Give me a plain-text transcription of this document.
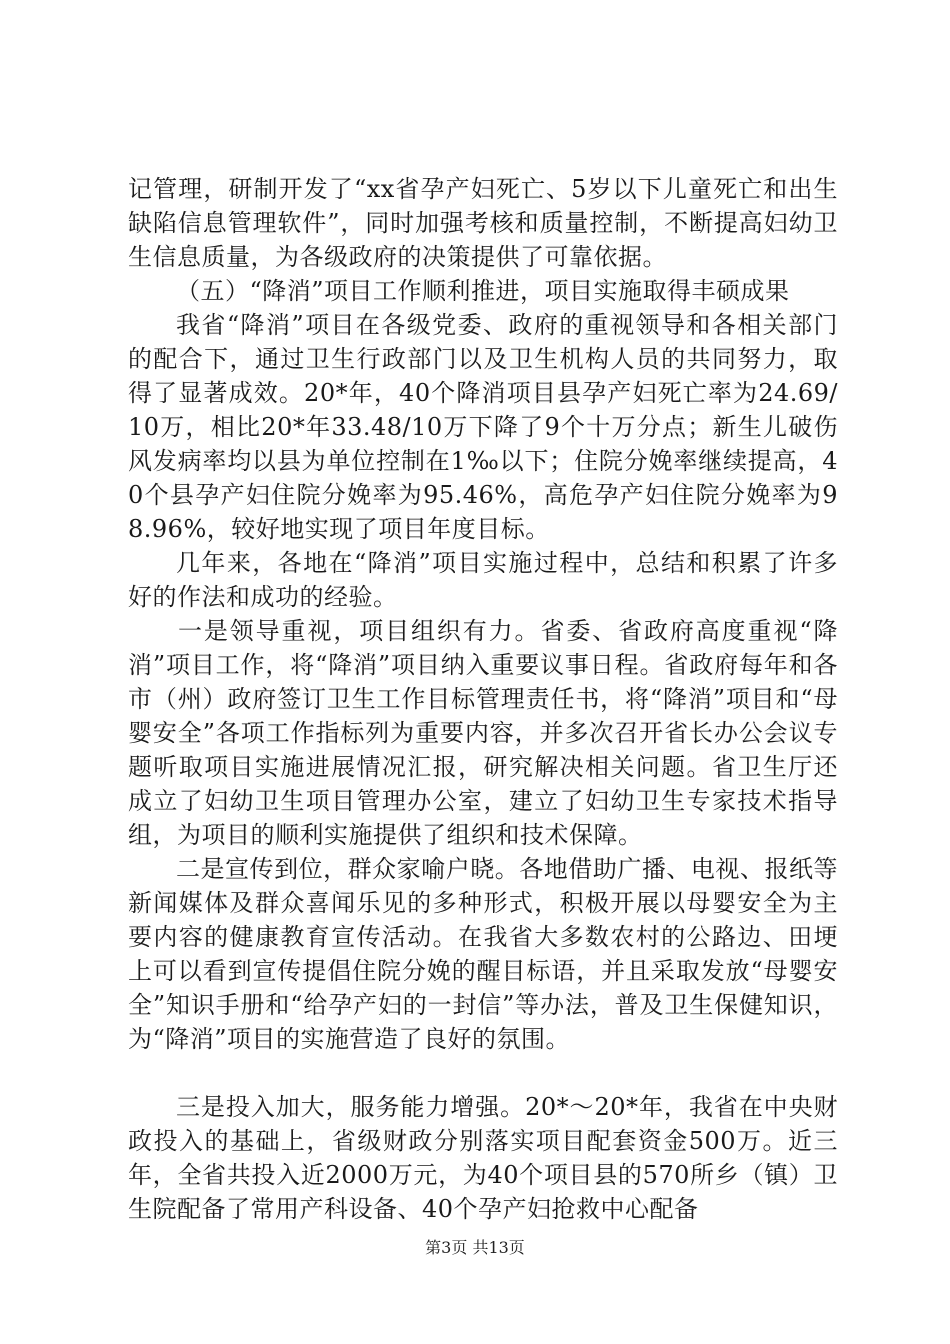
记管理，研制开发了“xx省孕产妇死亡、5岁以下儿童死亡和出生缺陷信息管理软件”，同时加强考核和质量控制，不断提高妇幼卫生信息质量，为各级政府的决策提供了可靠依据。

（五）“降消”项目工作顺利推进，项目实施取得丰硕成果

我省“降消”项目在各级党委、政府的重视领导和各相关部门的配合下，通过卫生行政部门以及卫生机构人员的共同努力，取得了显著成效。20*年，40个降消项目县孕产妇死亡率为24.69/10万，相比20*年33.48/10万下降了9个十万分点；新生儿破伤风发病率均以县为单位控制在1‰以下；住院分娩率继续提高，40个县孕产妇住院分娩率为95.46%，高危孕产妇住院分娩率为98.96%，较好地实现了项目年度目标。

几年来，各地在“降消”项目实施过程中，总结和积累了许多好的作法和成功的经验。

一是领导重视，项目组织有力。省委、省政府高度重视“降消”项目工作，将“降消”项目纳入重要议事日程。省政府每年和各市（州）政府签订卫生工作目标管理责任书，将“降消”项目和“母婴安全”各项工作指标列为重要内容，并多次召开省长办公会议专题听取项目实施进展情况汇报，研究解决相关问题。省卫生厅还成立了妇幼卫生项目管理办公室，建立了妇幼卫生专家技术指导组，为项目的顺利实施提供了组织和技术保障。

二是宣传到位，群众家喻户晓。各地借助广播、电视、报纸等新闻媒体及群众喜闻乐见的多种形式，积极开展以母婴安全为主要内容的健康教育宣传活动。在我省大多数农村的公路边、田埂上可以看到宣传提倡住院分娩的醒目标语，并且采取发放“母婴安全”知识手册和“给孕产妇的一封信”等办法，普及卫生保健知识，为“降消”项目的实施营造了良好的氛围。

三是投入加大，服务能力增强。20*～20*年，我省在中央财政投入的基础上，省级财政分别落实项目配套资金500万。近三年，全省共投入近2000万元，为40个项目县的570所乡（镇）卫生院配备了常用产科设备、40个孕产妇抢救中心配备

第3页 共13页
